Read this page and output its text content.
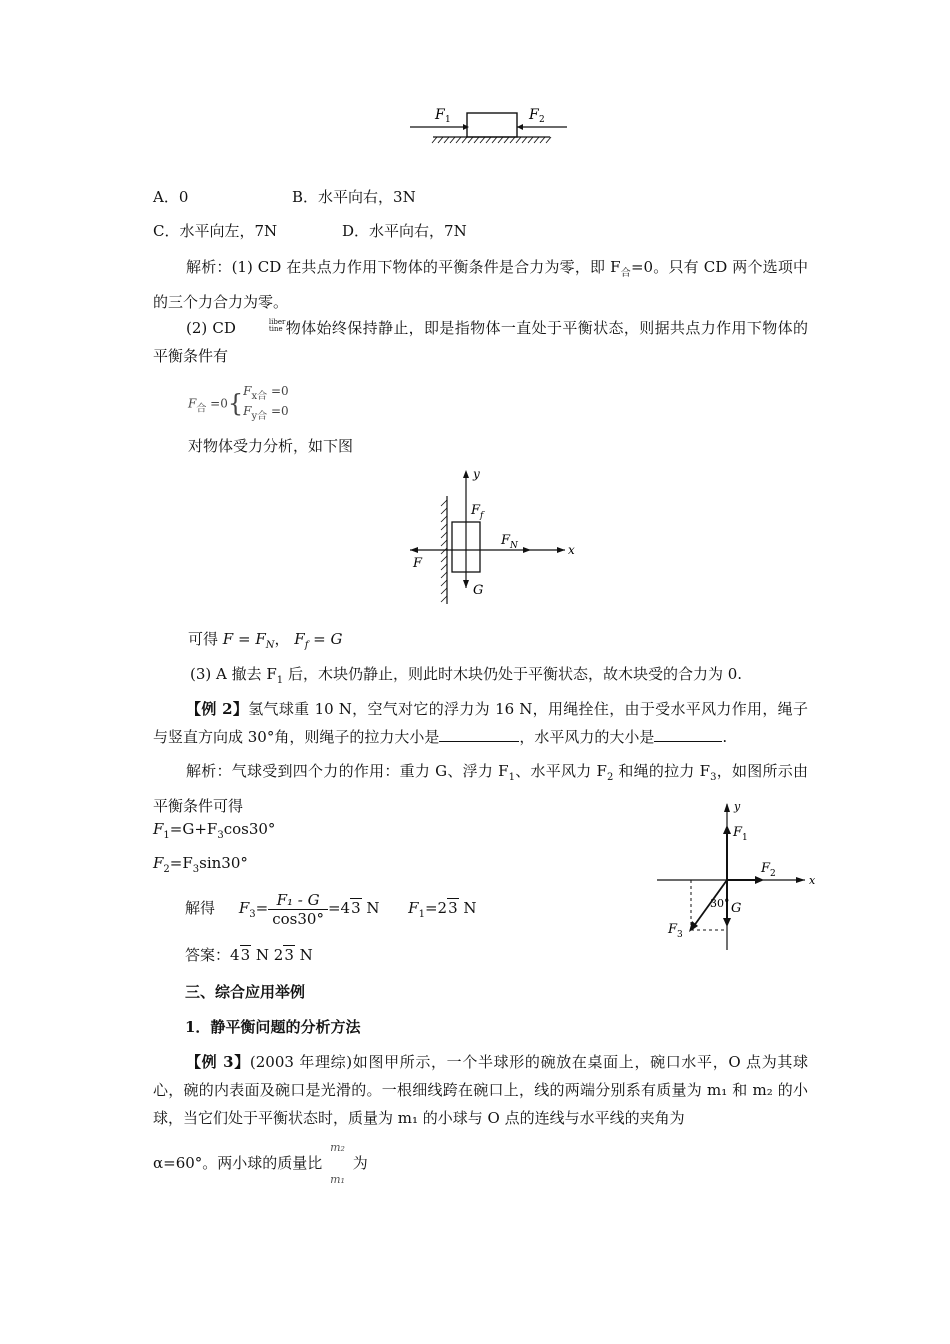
F 1	F 2
A．0	B．水平向右，3N
C．水平向左，7N	D．水平向右，7N
解析：(1) CD 在共点力作用下物体的平衡条件是合力为零，即 $F_合=0$。只有 CD 两个选项中的三个力合力为零。
(2) CD	liber
tine 物体始终保持静止，即是指物体一直处于平衡状态，则据共点力作用下物体的平衡条件有
$F_合 =0${ $F_{x合} =0$
$F_{y合} =0$
对物体受力分析，如下图
y
x
F f
F N
F
G
可得 $F = F_N$， $F_f = G$
(3) A 撤去 $F_1$ 后，木块仍静止，则此时木块仍处于平衡状态，故木块受的合力为 0.
【例 2】氢气球重 10 N，空气对它的浮力为 16 N，用绳拴住，由于受水平风力作用，绳子与竖直方向成 30°角，则绳子的拉力大小是	，水平风力的大小是	.
解析：气球受到四个力的作用：重力 G、浮力 $F_1$、水平风力 $F_2$ 和绳的拉力 $F_3$，如图所示由平衡条件可得	y
x
F 1
F 2
F 3
G
30°
$F_1=G+F_3\cos 30^\circ$
$F_2=F_3\sin 30^\circ$
解得 $F_3= \frac{\text{F₁ - G}}{\cos 30^\circ} =43$ N $F_1=23$ N
答案：43 N 23 N
三、综合应用举例
1．静平衡问题的分析方法
【例 3】(2003 年理综)如图甲所示，一个半球形的碗放在桌面上，碗口水平，O 点为其球心，碗的内表面及碗口是光滑的。一根细线跨在碗口上，线的两端分别系有质量为 m₁ 和 m₂ 的小球，当它们处于平衡状态时，质量为 m₁ 的小球与 O 点的连线与水平线的夹角为
α=60°。两小球的质量比
m₂
m₁
为
